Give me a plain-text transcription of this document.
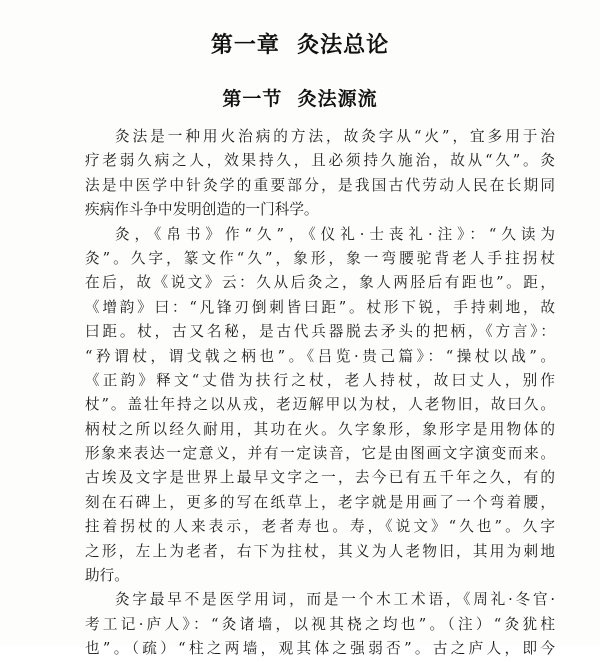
第一章  灸法总论
第一节  灸法源流
灸法是一种用火治病的方法，故灸字从“火”，宜多用于治
疗老弱久病之人，效果持久，且必须持久施治，故从“久”。灸
法是中医学中针灸学的重要部分，是我国古代劳动人民在长期同
疾病作斗争中发明创造的一门科学。
灸，《帛书》作“久”，《仪礼·士丧礼·注》：“久读为
灸”。久字，篆文作“久”，象形，象一弯腰驼背老人手拄拐杖
在后，故《说文》云：久从后灸之，象人两胫后有距也”。距，
《增韵》曰：“凡锋刃倒刺皆曰距”。杖形下锐，手持刺地，故
曰距。杖，古又名秘，是古代兵器脱去矛头的把柄，《方言》：
“矜谓杖，谓戈戟之柄也”。《吕览·贵己篇》：“操杖以战”。
《正韵》释文“丈借为扶行之杖，老人持杖，故曰丈人，别作
杖”。盖壮年持之以从戎，老迈解甲以为杖，人老物旧，故曰久。
柄杖之所以经久耐用，其功在火。久字象形，象形字是用物体的
形象来表达一定意义，并有一定读音，它是由图画文字演变而来。
古埃及文字是世界上最早文字之一，去今已有五千年之久，有的
刻在石碑上，更多的写在纸草上，老字就是用画了一个弯着腰，
拄着拐杖的人来表示，老者寿也。寿，《说文》“久也”。久字
之形，左上为老者，右下为拄杖，其义为人老物旧，其用为刺地
助行。
灸字最早不是医学用词，而是一个木工术语，《周礼·冬官·
考工记·庐人》：“灸诸墙，以视其桡之均也”。（注）“灸犹柱
也”。（疏）“柱之两墙，观其体之强弱否”。古之庐人，即今
